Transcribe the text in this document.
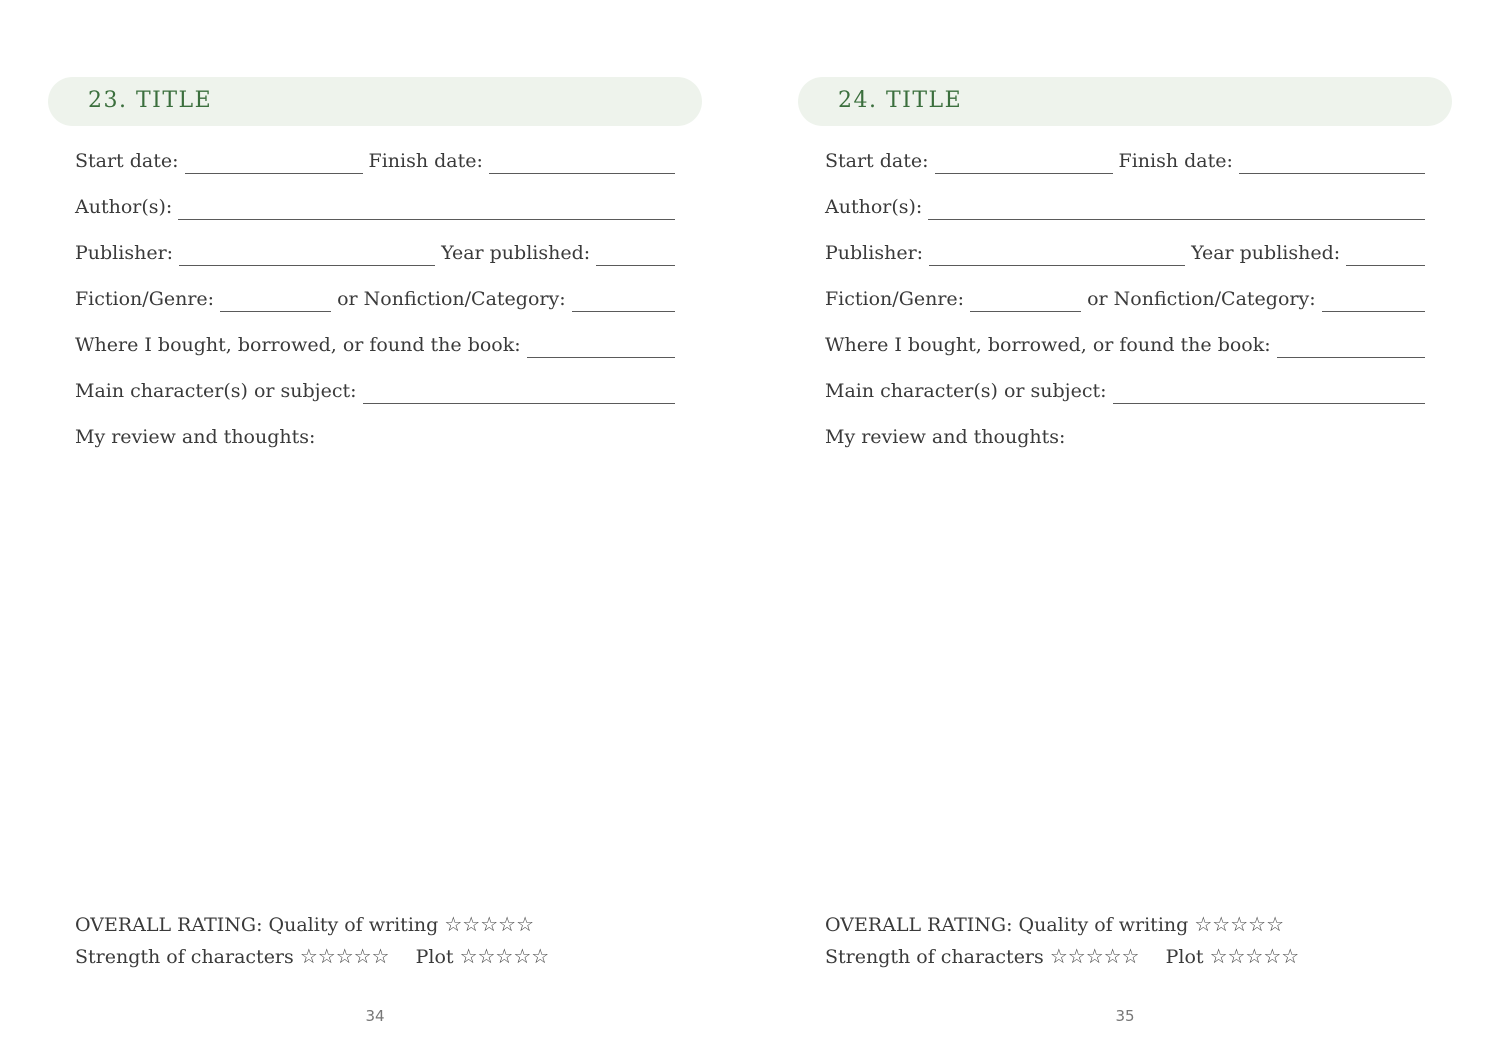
23. TITLE
Start date:	Finish date:
Author(s):
Publisher:	Year published:
Fiction/Genre:	or Nonfiction/Category:
Where I bought, borrowed, or found the book:
Main character(s) or subject:
My review and thoughts:
OVERALL RATING: Quality of writing ☆☆☆☆☆
Strength of characters ☆☆☆☆☆ Plot ☆☆☆☆☆
34
24. TITLE
Start date:	Finish date:
Author(s):
Publisher:	Year published:
Fiction/Genre:	or Nonfiction/Category:
Where I bought, borrowed, or found the book:
Main character(s) or subject:
My review and thoughts:
OVERALL RATING: Quality of writing ☆☆☆☆☆
Strength of characters ☆☆☆☆☆ Plot ☆☆☆☆☆
35
